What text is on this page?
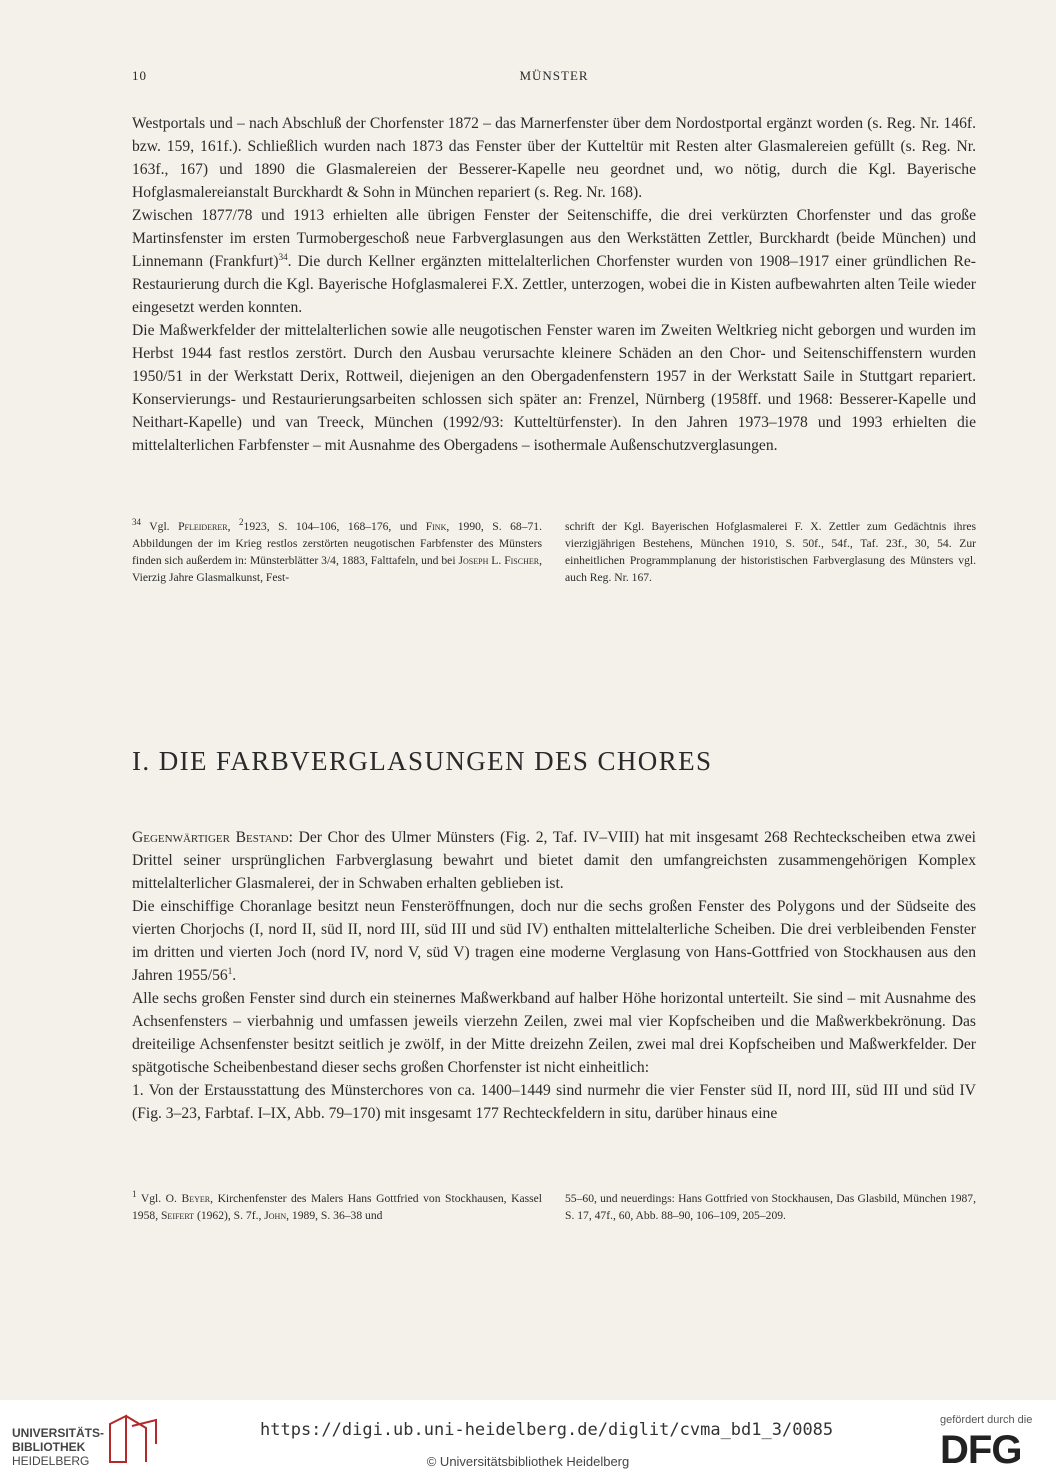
10	MÜNSTER

Westportals und – nach Abschluß der Chorfenster 1872 – das Marnerfenster über dem Nordostportal ergänzt worden (s. Reg. Nr. 146f. bzw. 159, 161f.). Schließlich wurden nach 1873 das Fenster über der Kutteltür mit Resten alter Glasmalereien gefüllt (s. Reg. Nr. 163f., 167) und 1890 die Glasmalereien der Besserer-Kapelle neu geordnet und, wo nötig, durch die Kgl. Bayerische Hofglasmalereianstalt Burckhardt & Sohn in München repariert (s. Reg. Nr. 168).

Zwischen 1877/78 und 1913 erhielten alle übrigen Fenster der Seitenschiffe, die drei verkürzten Chorfenster und das große Martinsfenster im ersten Turmobergeschoß neue Farbverglasungen aus den Werkstätten Zettler, Burckhardt (beide München) und Linnemann (Frankfurt)$^{34}$. Die durch Kellner ergänzten mittelalterlichen Chorfenster wurden von 1908–1917 einer gründlichen Re-Restaurierung durch die Kgl. Bayerische Hofglasmalerei F.X. Zettler, unterzogen, wobei die in Kisten aufbewahrten alten Teile wieder eingesetzt werden konnten.

Die Maßwerkfelder der mittelalterlichen sowie alle neugotischen Fenster waren im Zweiten Weltkrieg nicht geborgen und wurden im Herbst 1944 fast restlos zerstört. Durch den Ausbau verursachte kleinere Schäden an den Chor- und Seitenschiffenstern wurden 1950/51 in der Werkstatt Derix, Rottweil, diejenigen an den Obergadenfenstern 1957 in der Werkstatt Saile in Stuttgart repariert. Konservierungs- und Restaurierungsarbeiten schlossen sich später an: Frenzel, Nürnberg (1958ff. und 1968: Besserer-Kapelle und Neithart-Kapelle) und van Treeck, München (1992/93: Kutteltürfenster). In den Jahren 1973–1978 und 1993 erhielten die mittelalterlichen Farbfenster – mit Ausnahme des Obergadens – isothermale Außenschutzverglasungen.

$^{34}$ Vgl. Pfleiderer, $^2$1923, S. 104–106, 168–176, und Fink, 1990, S. 68–71. Abbildungen der im Krieg restlos zerstörten neugotischen Farbfenster des Münsters finden sich außerdem in: Münsterblätter 3/4, 1883, Falttafeln, und bei Joseph L. Fischer, Vierzig Jahre Glasmalkunst, Fest-

schrift der Kgl. Bayerischen Hofglasmalerei F. X. Zettler zum Gedächtnis ihres vierzigjährigen Bestehens, München 1910, S. 50f., 54f., Taf. 23f., 30, 54. Zur einheitlichen Programmplanung der historistischen Farbverglasung des Münsters vgl. auch Reg. Nr. 167.

I. DIE FARBVERGLASUNGEN DES CHORES

Gegenwärtiger Bestand: Der Chor des Ulmer Münsters (Fig. 2, Taf. IV–VIII) hat mit insgesamt 268 Rechteckscheiben etwa zwei Drittel seiner ursprünglichen Farbverglasung bewahrt und bietet damit den umfangreichsten zusammengehörigen Komplex mittelalterlicher Glasmalerei, der in Schwaben erhalten geblieben ist.

Die einschiffige Choranlage besitzt neun Fensteröffnungen, doch nur die sechs großen Fenster des Polygons und der Südseite des vierten Chorjochs (I, nord II, süd II, nord III, süd III und süd IV) enthalten mittelalterliche Scheiben. Die drei verbleibenden Fenster im dritten und vierten Joch (nord IV, nord V, süd V) tragen eine moderne Verglasung von Hans-Gottfried von Stockhausen aus den Jahren $1955/56^1$.

Alle sechs großen Fenster sind durch ein steinernes Maßwerkband auf halber Höhe horizontal unterteilt. Sie sind – mit Ausnahme des Achsenfensters – vierbahnig und umfassen jeweils vierzehn Zeilen, zwei mal vier Kopfscheiben und die Maßwerkbekrönung. Das dreiteilige Achsenfenster besitzt seitlich je zwölf, in der Mitte dreizehn Zeilen, zwei mal drei Kopfscheiben und Maßwerkfelder. Der spätgotische Scheibenbestand dieser sechs großen Chorfenster ist nicht einheitlich:

1. Von der Erstausstattung des Münsterchores von ca. 1400–1449 sind nurmehr die vier Fenster süd II, nord III, süd III und süd IV (Fig. 3–23, Farbtaf. I–IX, Abb. 79–170) mit insgesamt 177 Rechteckfeldern in situ, darüber hinaus eine

$^1$ Vgl. O. Beyer, Kirchenfenster des Malers Hans Gottfried von Stockhausen, Kassel 1958, Seifert (1962), S. 7f., John, 1989, S. 36–38 und

55–60, und neuerdings: Hans Gottfried von Stockhausen, Das Glasbild, München 1987, S. 17, 47f., 60, Abb. 88–90, 106–109, 205–209.

UNIVERSITÄTS-
BIBLIOTHEK
HEIDELBERG
https://digi.ub.uni-heidelberg.de/diglit/cvma_bd1_3/0085
© Universitätsbibliothek Heidelberg
gefördert durch die
DFG
